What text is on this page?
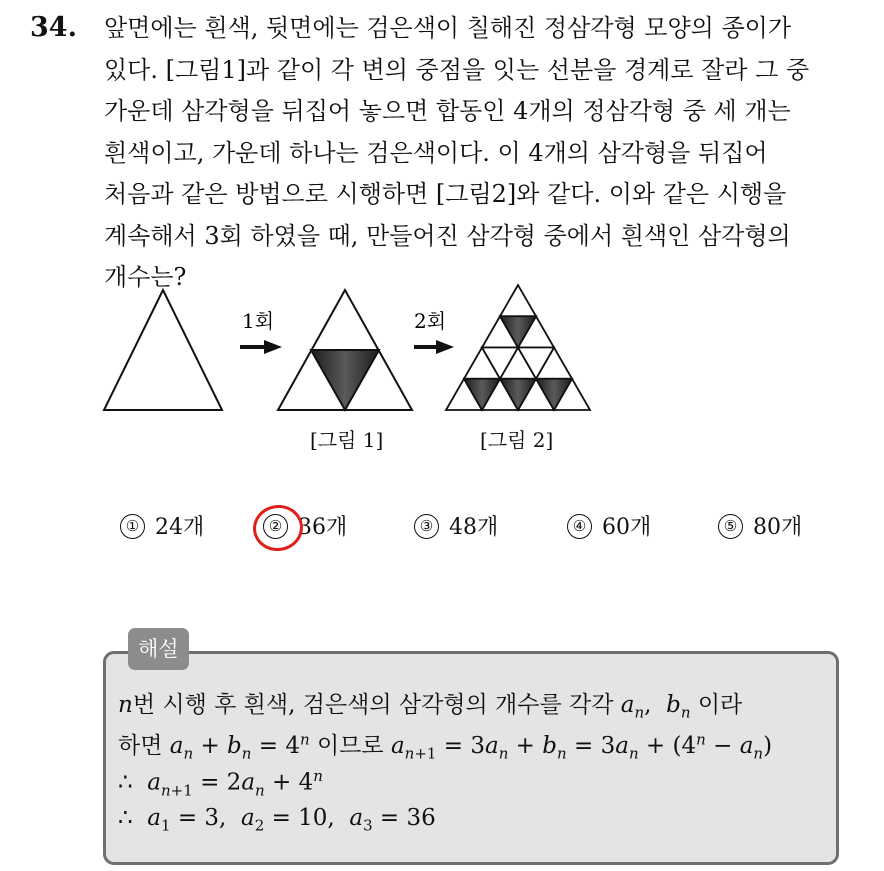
34. 앞면에는 흰색, 뒷면에는 검은색이 칠해진 정삼각형 모양의 종이가
있다. [그림1]과 같이 각 변의 중점을 잇는 선분을 경계로 잘라 그 중
가운데 삼각형을 뒤집어 놓으면 합동인 4개의 정삼각형 중 세 개는
흰색이고, 가운데 하나는 검은색이다. 이 4개의 삼각형을 뒤집어
처음과 같은 방법으로 시행하면 [그림2]와 같다. 이와 같은 시행을
계속해서 3회 하였을 때, 만들어진 삼각형 중에서 흰색인 삼각형의
개수는?
1회	2회
[그림 1]	[그림 2]
① 24개	② 36개	③ 48개	④ 60개	⑤ 80개
해설
n번 시행 후 흰색, 검은색의 삼각형의 개수를 각각 $a_n$,  $b_n$ 이라
하면 $a_n + b_n = 4^n$ 이므로 $a_{n+1} = 3a_n + b_n = 3a_n + (4^n - a_n)$
∴ $a_{n+1} = 2a_n + 4^n$
∴ $a_1 = 3$,  $a_2 = 10$,  $a_3 = 36$
